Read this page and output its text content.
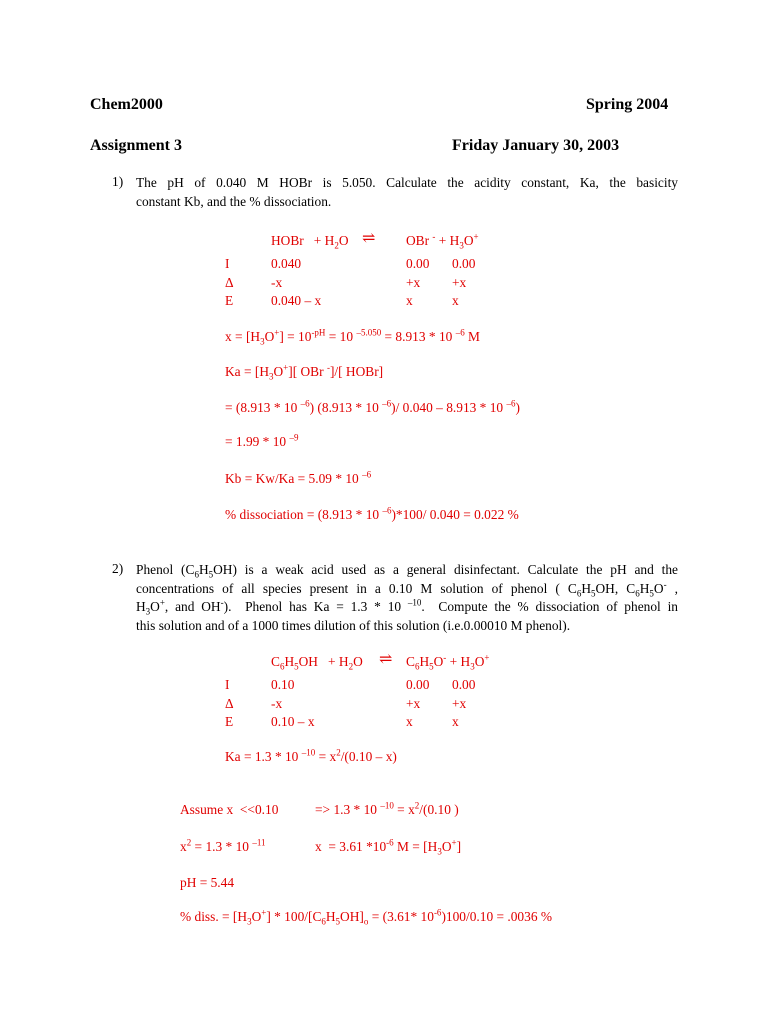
Chem2000	Spring 2004
Assignment 3	Friday January 30, 2003
1) The pH of 0.040 M HOBr is 5.050. Calculate the acidity constant, Ka, the basicity
constant Kb, and the % dissociation.
HOBr   + $H_2O$ ⇌ OBr $^- + H_3O^+$
I	0.040	0.00 0.00
Δ	-x	+x +x
E	0.040 – x	x	x
$x = [H_3O^+] = 10^{-pH} = 10$ $^{-5.050}$ = 8.913 * 10 $^{-6}$ M
$Ka = [H_3O^+]$[ OBr -]/[ HOBr]
= (8.913 * 10 $^{-6}$) (8.913 * 10 $^{-6}$)/ 0.040 – 8.913 * 10 $^{-6}$)
= 1.99 * 10 $^{-9}$
Kb = Kw/Ka = 5.09 * 10 $^{-6}$
% dissociation = (8.913 * 10 $^{-6}$)*100/ 0.040 = 0.022 %
2) Phenol $(C_6H_5OH)$ is a weak acid used as a general disinfectant. Calculate the pH and the
concentrations of all species present in a 0.10 M solution of phenol ( $C_6H_5OH$, $C_6H_5O^-$ ,
$H_3O^+$, and OH-).  Phenol has Ka = 1.3 * 10 $^{-10}$.  Compute the % dissociation of phenol in
this solution and of a 1000 times dilution of this solution (i.e.0.00010 M phenol).
$C_6H_5OH + H_2O$ ⇌ $C_6H_5O^- + H_3O^+$
I	0.10	0.00 0.00
Δ	-x	+x +x
E	0.10 – x	x	x
Ka = 1.3 * 10 $^{-10} = x^2/(0.10 - x)$
Assume x  <<0.10	=> 1.3 * 10 $^{-10} = x^2/(0.10$ )
$x^2 = 1.3 * 10$ $^{-11}$	x  = 3.61 $*10^{-6}$ $M = [H_3O^+]$
pH = 5.44
% diss. = $[H_3O^+] * 100/[C_6H_5OH]_o = (3.61*$ $10^{-6})100/0.10 = .0036$ %
